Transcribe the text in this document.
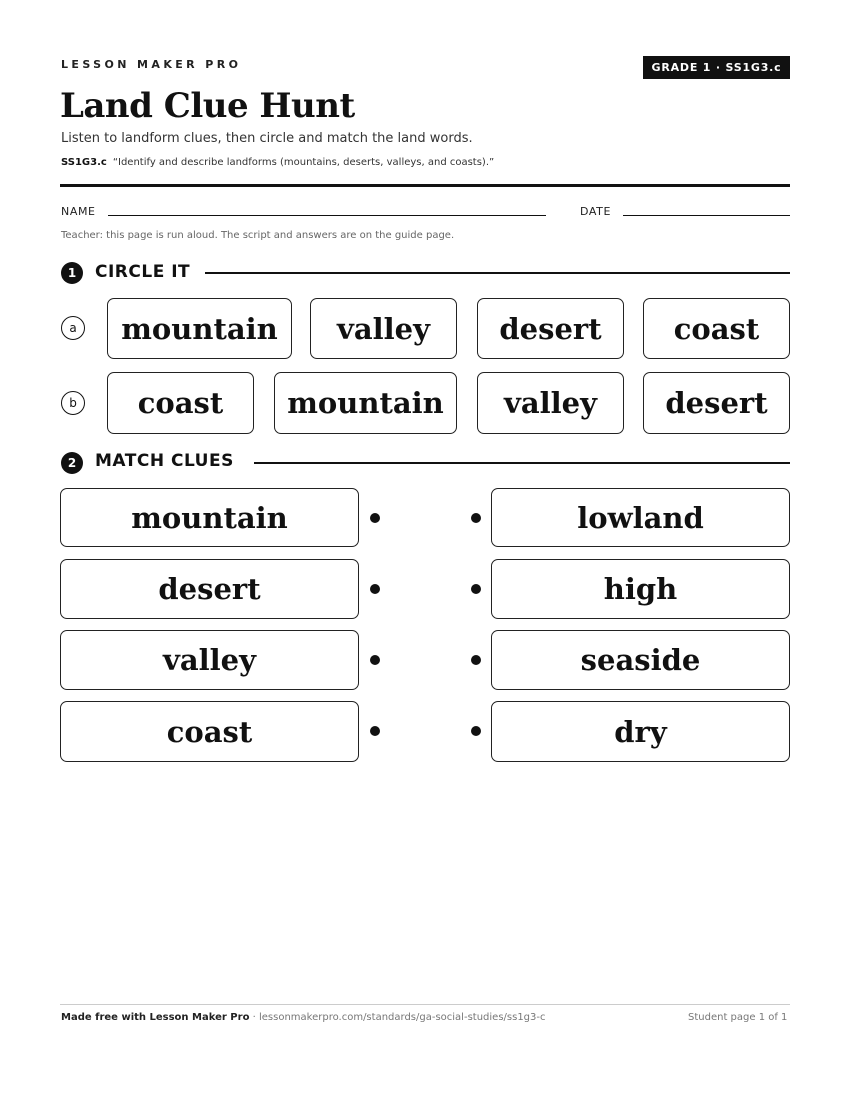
LESSON MAKER PRO	GRADE 1 · SS1G3.c
Land Clue Hunt
Listen to landform clues, then circle and match the land words.
SS1G3.c “Identify and describe landforms (mountains, deserts, valleys, and coasts).”
NAME	DATE
Teacher: this page is run aloud. The script and answers are on the guide page.
1	CIRCLE IT
a	mountain	valley	desert	coast
b	coast	mountain	valley	desert
2	MATCH CLUES
mountain	lowland
desert	high
valley	seaside
coast	dry
Made free with Lesson Maker Pro · lessonmakerpro.com/standards/ga-social-studies/ss1g3-c	Student page 1 of 1
